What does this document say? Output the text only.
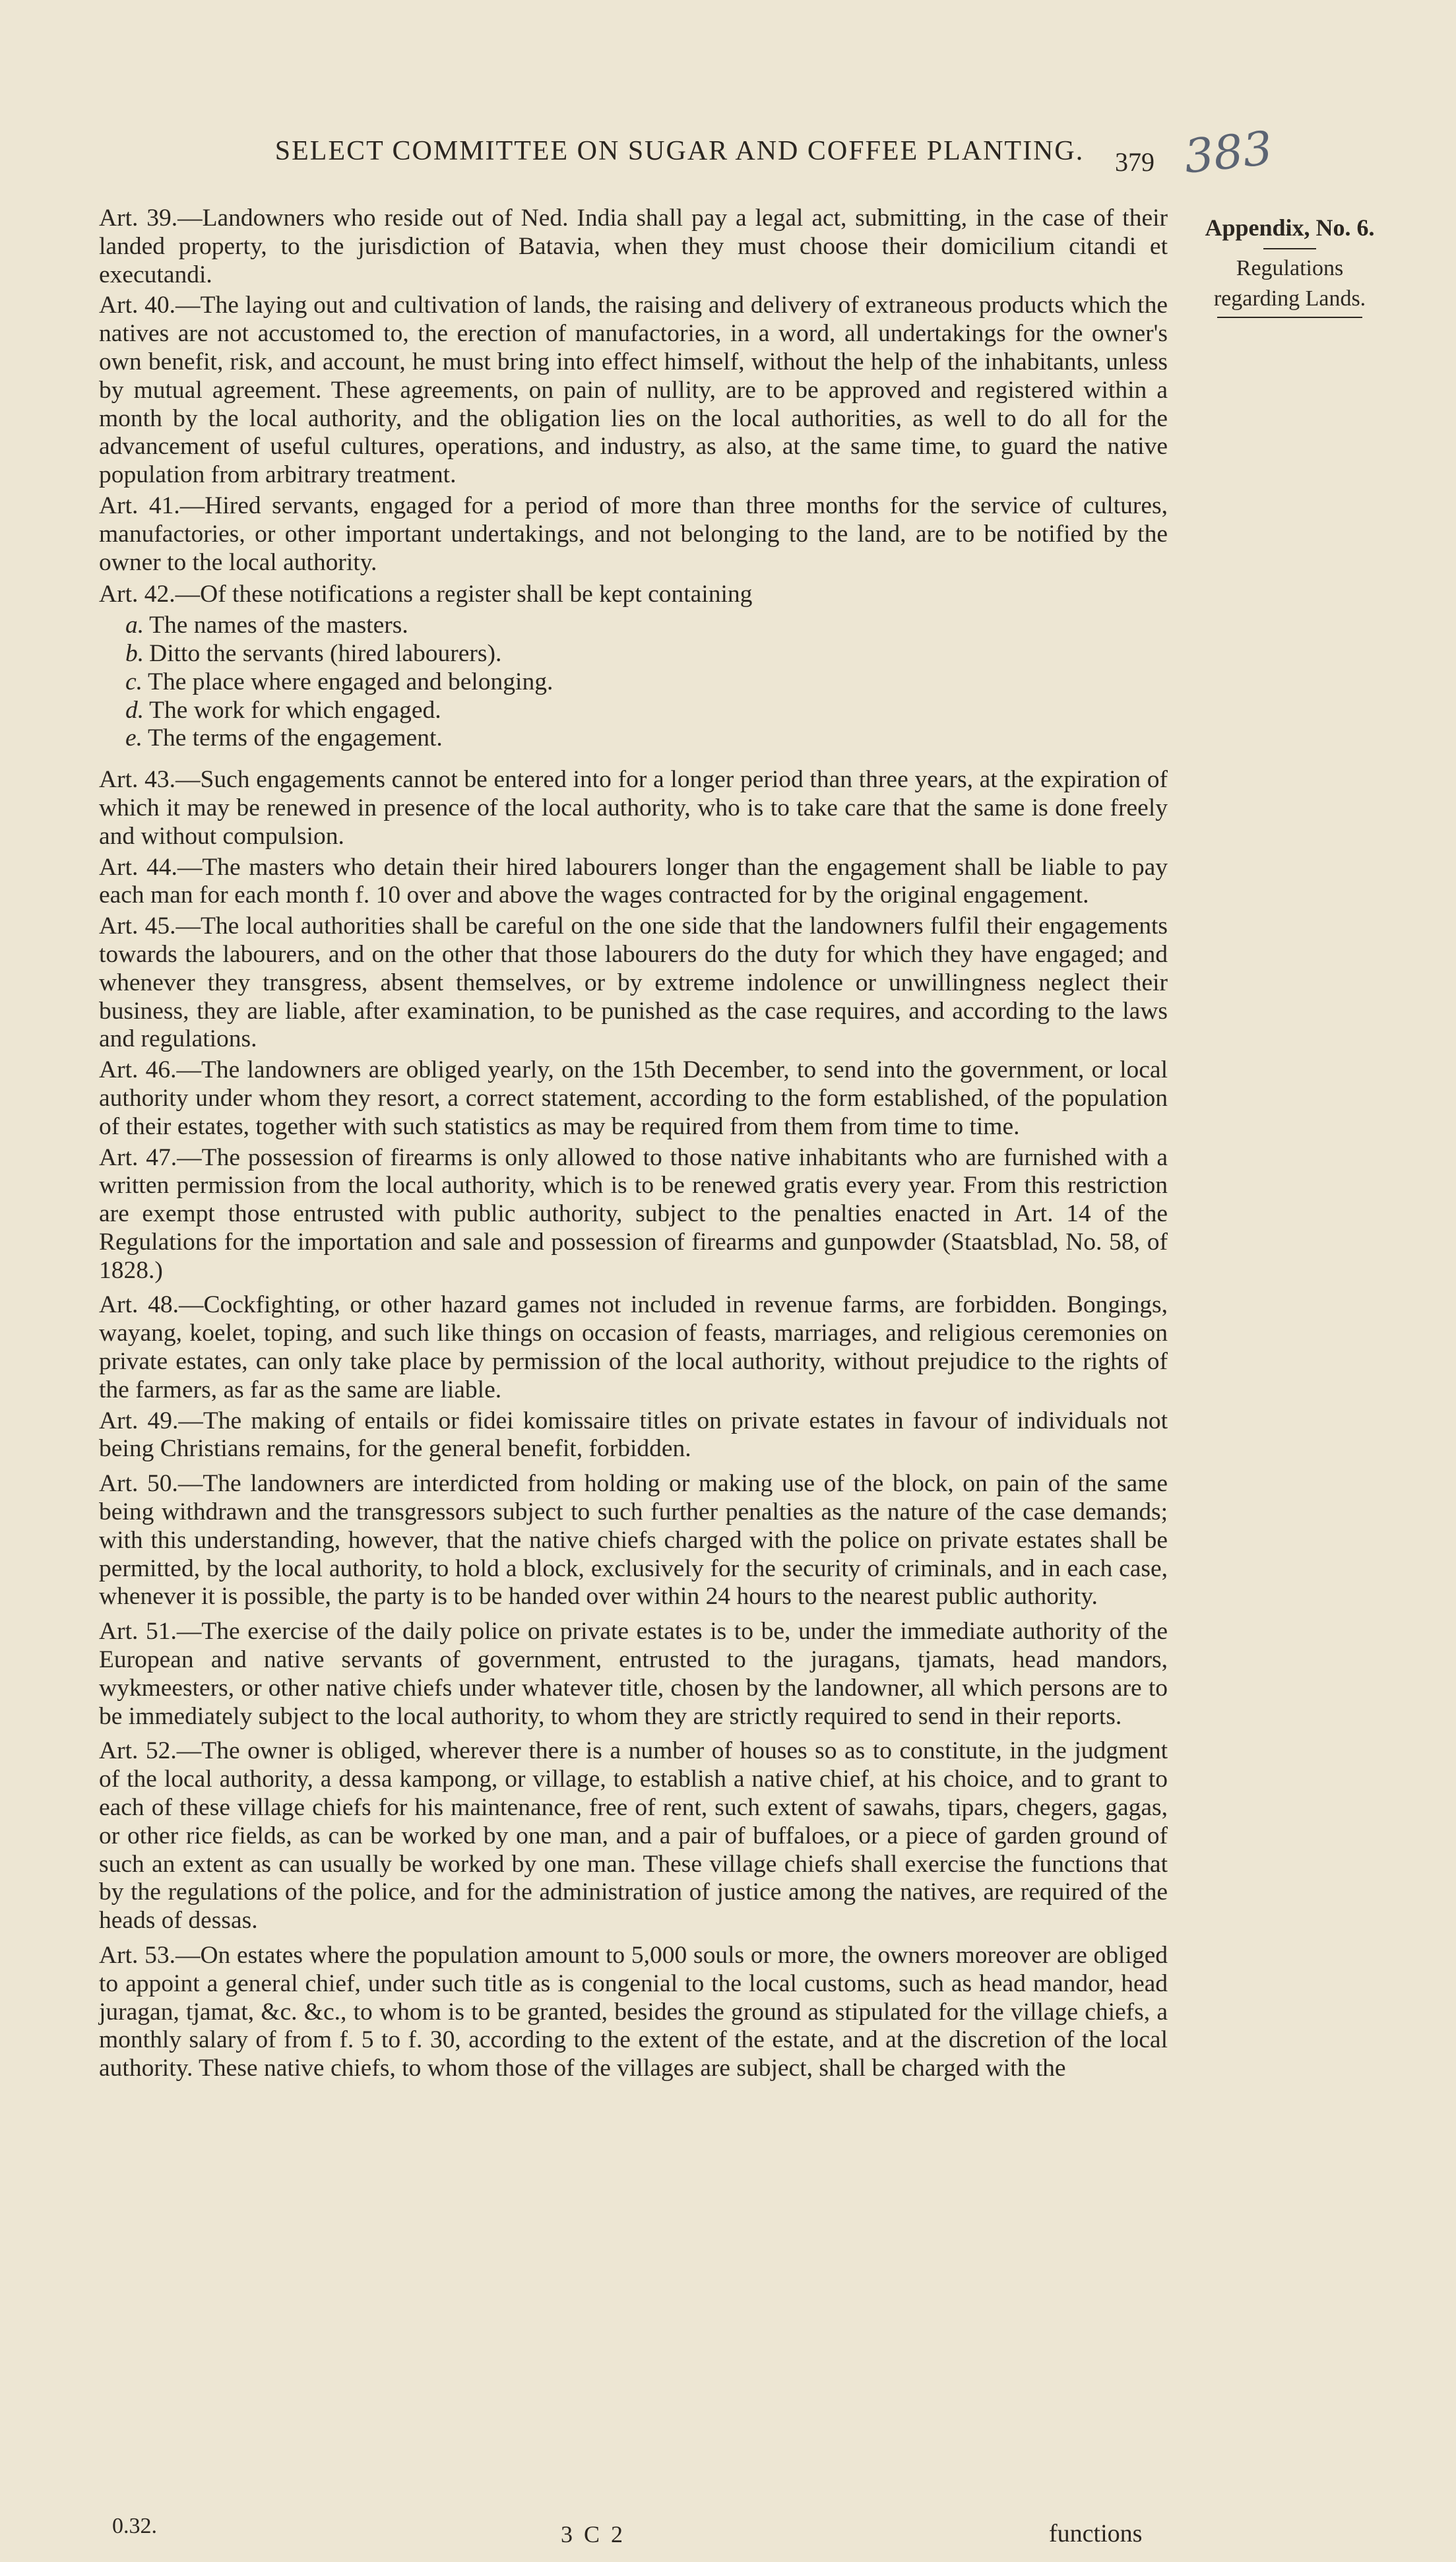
SELECT COMMITTEE ON SUGAR AND COFFEE PLANTING.	379 383
Appendix, No. 6.
Regulations
regarding Lands.

Art. 39.—Landowners who reside out of Ned. India shall pay a legal act, submitting, in the case of their landed property, to the jurisdiction of Batavia, when they must choose their domicilium citandi et executandi.

Art. 40.—The laying out and cultivation of lands, the raising and delivery of extraneous products which the natives are not accustomed to, the erection of manufactories, in a word, all undertakings for the owner's own benefit, risk, and account, he must bring into effect himself, without the help of the inhabitants, unless by mutual agreement. These agreements, on pain of nullity, are to be approved and registered within a month by the local authority, and the obligation lies on the local authorities, as well to do all for the advancement of useful cultures, operations, and industry, as also, at the same time, to guard the native population from arbitrary treatment.

Art. 41.—Hired servants, engaged for a period of more than three months for the service of cultures, manufactories, or other important undertakings, and not belonging to the land, are to be notified by the owner to the local authority.

Art. 42.—Of these notifications a register shall be kept containing

a. The names of the masters.
b. Ditto the servants (hired labourers).
c. The place where engaged and belonging.
d. The work for which engaged.
e. The terms of the engagement.

Art. 43.—Such engagements cannot be entered into for a longer period than three years, at the expiration of which it may be renewed in presence of the local authority, who is to take care that the same is done freely and without compulsion.

Art. 44.—The masters who detain their hired labourers longer than the engagement shall be liable to pay each man for each month f. 10 over and above the wages contracted for by the original engagement.

Art. 45.—The local authorities shall be careful on the one side that the landowners fulfil their engagements towards the labourers, and on the other that those labourers do the duty for which they have engaged; and whenever they transgress, absent themselves, or by extreme indolence or unwillingness neglect their business, they are liable, after examination, to be punished as the case requires, and according to the laws and regulations.

Art. 46.—The landowners are obliged yearly, on the 15th December, to send into the government, or local authority under whom they resort, a correct statement, according to the form established, of the population of their estates, together with such statistics as may be required from them from time to time.

Art. 47.—The possession of firearms is only allowed to those native inhabitants who are furnished with a written permission from the local authority, which is to be renewed gratis every year. From this restriction are exempt those entrusted with public authority, subject to the penalties enacted in Art. 14 of the Regulations for the importation and sale and possession of firearms and gunpowder (Staatsblad, No. 58, of 1828.)

Art. 48.—Cockfighting, or other hazard games not included in revenue farms, are forbidden. Bongings, wayang, koelet, toping, and such like things on occasion of feasts, marriages, and religious ceremonies on private estates, can only take place by permission of the local authority, without prejudice to the rights of the farmers, as far as the same are liable.

Art. 49.—The making of entails or fidei komissaire titles on private estates in favour of individuals not being Christians remains, for the general benefit, forbidden.

Art. 50.—The landowners are interdicted from holding or making use of the block, on pain of the same being withdrawn and the transgressors subject to such further penalties as the nature of the case demands; with this understanding, however, that the native chiefs charged with the police on private estates shall be permitted, by the local authority, to hold a block, exclusively for the security of criminals, and in each case, whenever it is possible, the party is to be handed over within 24 hours to the nearest public authority.

Art. 51.—The exercise of the daily police on private estates is to be, under the immediate authority of the European and native servants of government, entrusted to the juragans, tjamats, head mandors, wykmeesters, or other native chiefs under whatever title, chosen by the landowner, all which persons are to be immediately subject to the local authority, to whom they are strictly required to send in their reports.

Art. 52.—The owner is obliged, wherever there is a number of houses so as to constitute, in the judgment of the local authority, a dessa kampong, or village, to establish a native chief, at his choice, and to grant to each of these village chiefs for his maintenance, free of rent, such extent of sawahs, tipars, chegers, gagas, or other rice fields, as can be worked by one man, and a pair of buffaloes, or a piece of garden ground of such an extent as can usually be worked by one man. These village chiefs shall exercise the functions that by the regulations of the police, and for the administration of justice among the natives, are required of the heads of dessas.

Art. 53.—On estates where the population amount to 5,000 souls or more, the owners moreover are obliged to appoint a general chief, under such title as is congenial to the local customs, such as head mandor, head juragan, tjamat, &c. &c., to whom is to be granted, besides the ground as stipulated for the village chiefs, a monthly salary of from f. 5 to f. 30, according to the extent of the estate, and at the discretion of the local authority. These native chiefs, to whom those of the villages are subject, shall be charged with the

0.32.	3 C 2	functions
